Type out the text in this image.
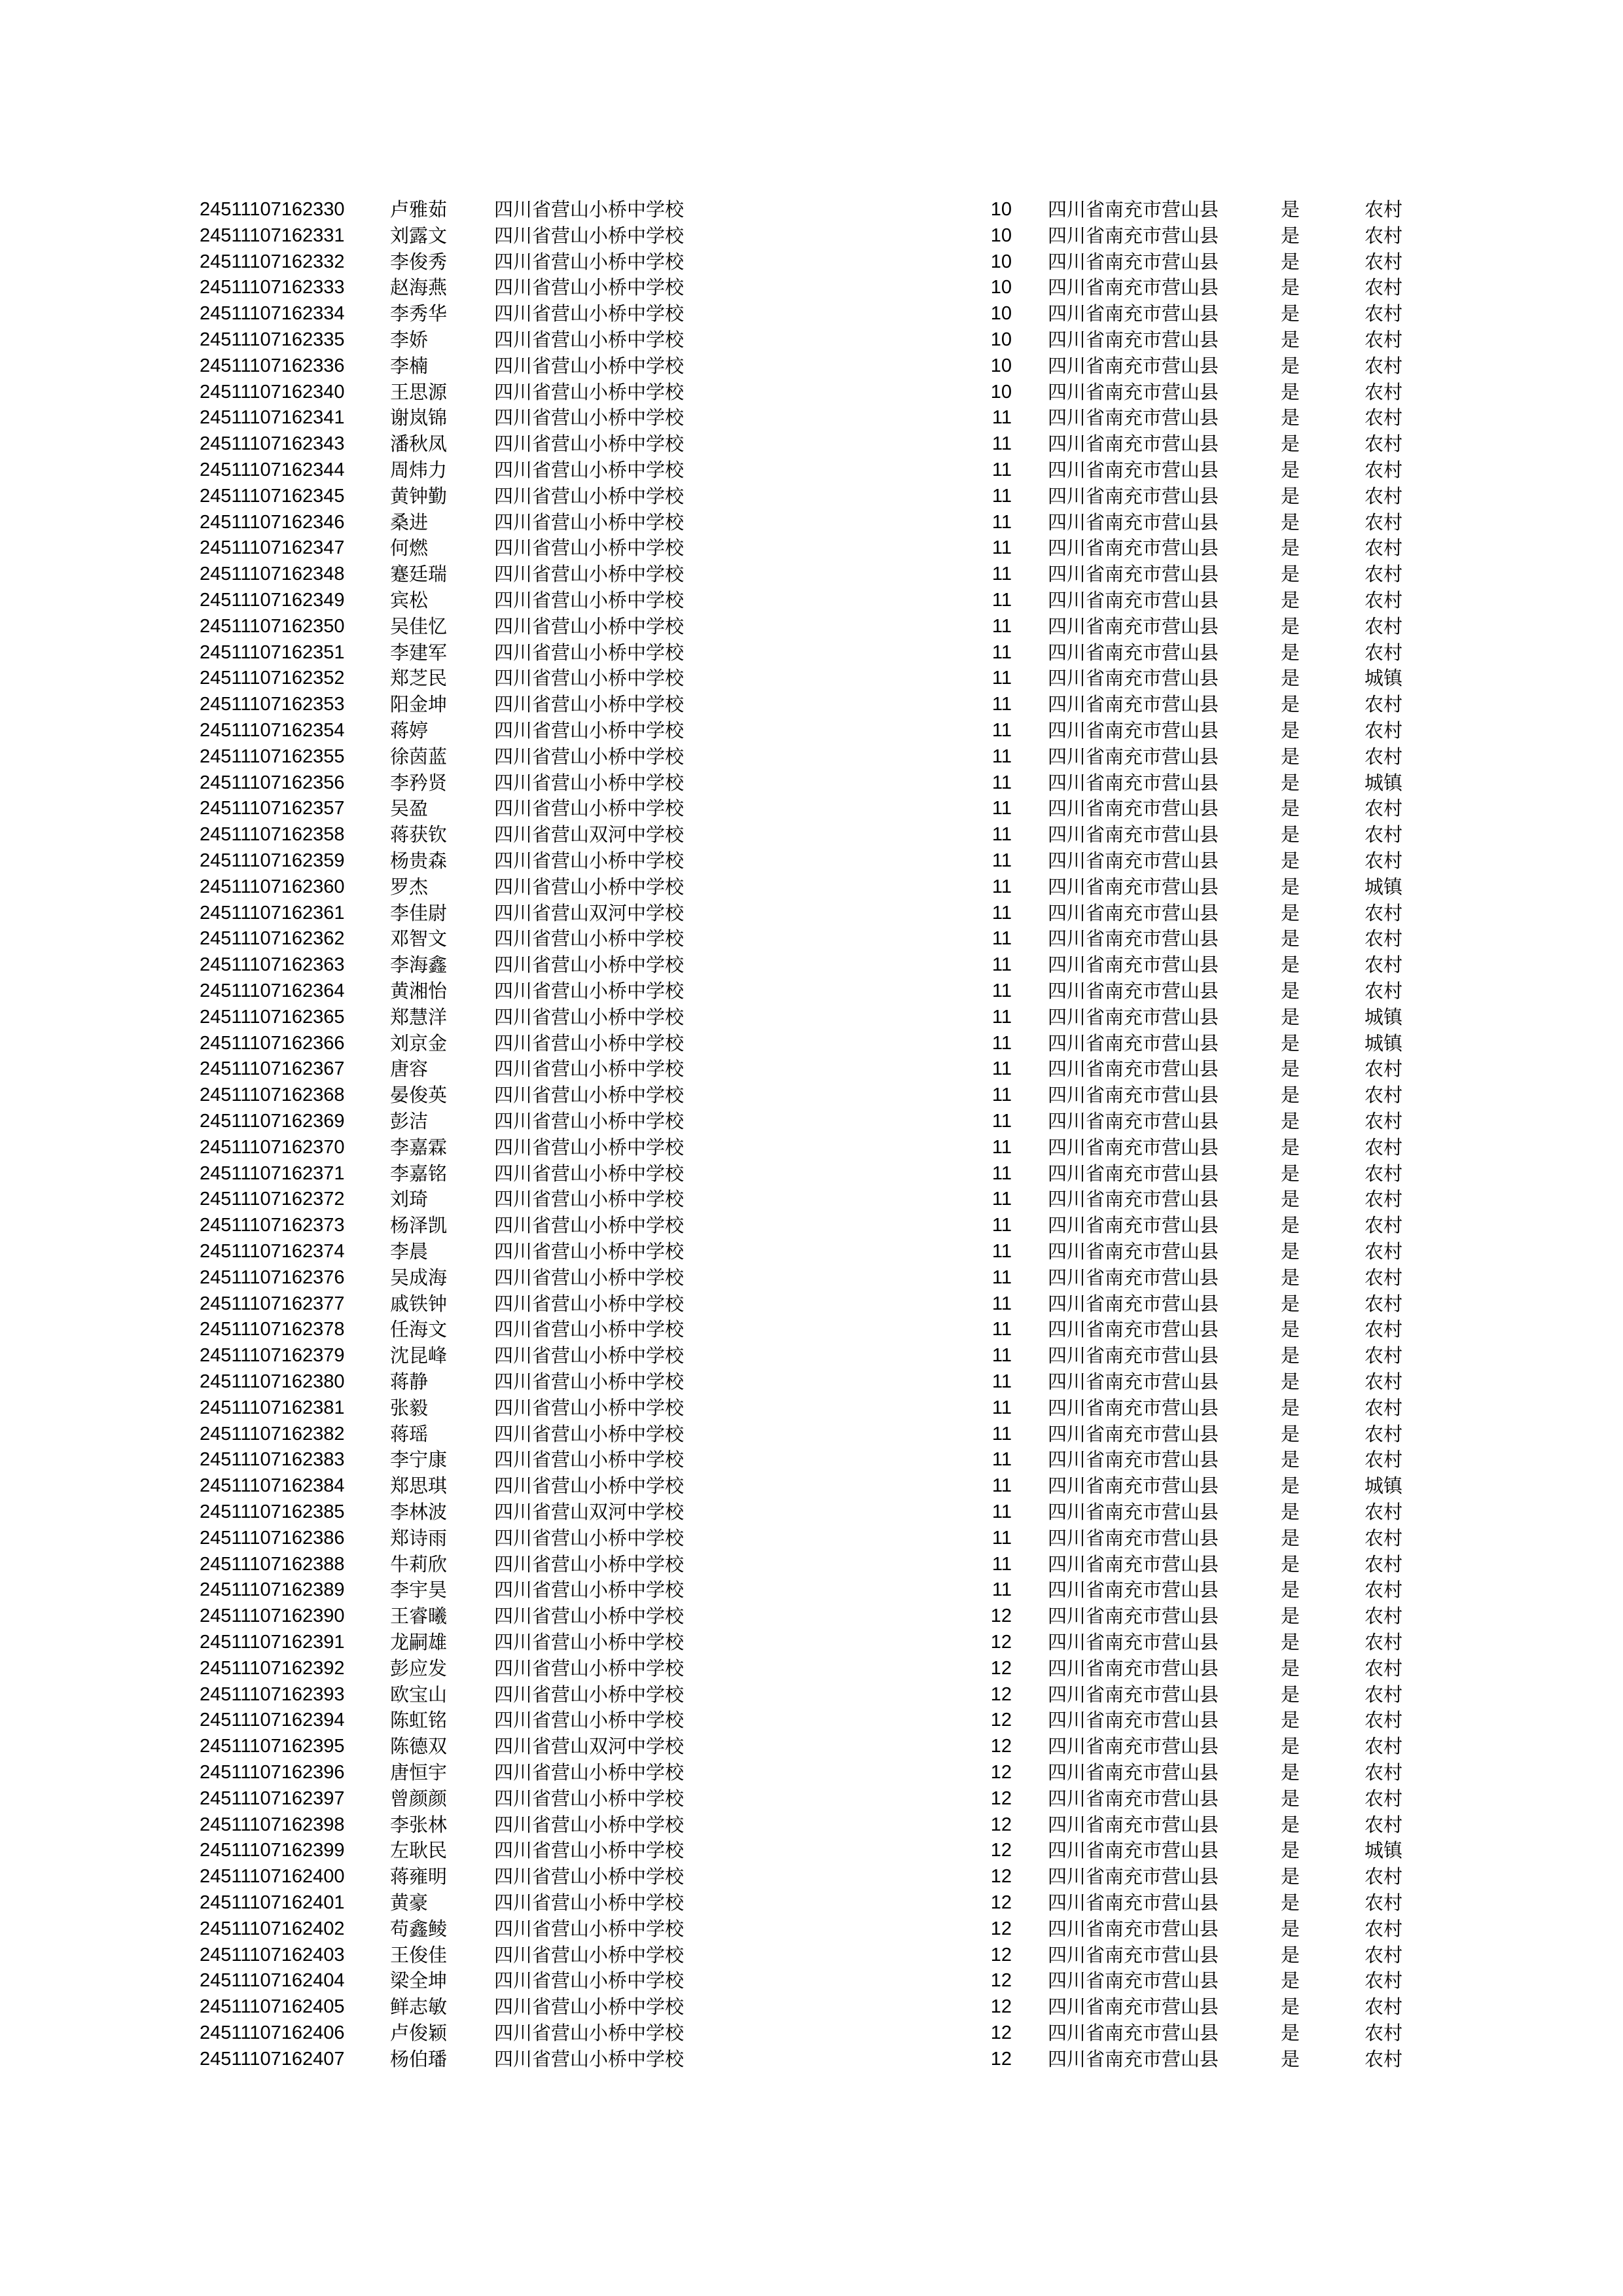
24511107162330 卢雅茹 四川省营山小桥中学校	10 四川省南充市营山县	是	农村
24511107162331 刘露文 四川省营山小桥中学校	10 四川省南充市营山县	是	农村
24511107162332 李俊秀 四川省营山小桥中学校	10 四川省南充市营山县	是	农村
24511107162333 赵海燕 四川省营山小桥中学校	10 四川省南充市营山县	是	农村
24511107162334 李秀华 四川省营山小桥中学校	10 四川省南充市营山县	是	农村
24511107162335 李娇	四川省营山小桥中学校	10 四川省南充市营山县	是	农村
24511107162336 李楠	四川省营山小桥中学校	10 四川省南充市营山县	是	农村
24511107162340 王思源 四川省营山小桥中学校	10 四川省南充市营山县	是	农村
24511107162341 谢岚锦 四川省营山小桥中学校	11 四川省南充市营山县	是	农村
24511107162343 潘秋凤 四川省营山小桥中学校	11 四川省南充市营山县	是	农村
24511107162344 周炜力 四川省营山小桥中学校	11 四川省南充市营山县	是	农村
24511107162345 黄钟勤 四川省营山小桥中学校	11 四川省南充市营山县	是	农村
24511107162346 桑进	四川省营山小桥中学校	11 四川省南充市营山县	是	农村
24511107162347 何燃	四川省营山小桥中学校	11 四川省南充市营山县	是	农村
24511107162348 蹇廷瑞 四川省营山小桥中学校	11 四川省南充市营山县	是	农村
24511107162349 宾松	四川省营山小桥中学校	11 四川省南充市营山县	是	农村
24511107162350 吴佳忆 四川省营山小桥中学校	11 四川省南充市营山县	是	农村
24511107162351 李建军 四川省营山小桥中学校	11 四川省南充市营山县	是	农村
24511107162352 郑芝民 四川省营山小桥中学校	11 四川省南充市营山县	是	城镇
24511107162353 阳金坤 四川省营山小桥中学校	11 四川省南充市营山县	是	农村
24511107162354 蒋婷	四川省营山小桥中学校	11 四川省南充市营山县	是	农村
24511107162355 徐茵蓝 四川省营山小桥中学校	11 四川省南充市营山县	是	农村
24511107162356 李矜贤 四川省营山小桥中学校	11 四川省南充市营山县	是	城镇
24511107162357 吴盈	四川省营山小桥中学校	11 四川省南充市营山县	是	农村
24511107162358 蒋获钦 四川省营山双河中学校	11 四川省南充市营山县	是	农村
24511107162359 杨贵森 四川省营山小桥中学校	11 四川省南充市营山县	是	农村
24511107162360 罗杰	四川省营山小桥中学校	11 四川省南充市营山县	是	城镇
24511107162361 李佳尉 四川省营山双河中学校	11 四川省南充市营山县	是	农村
24511107162362 邓智文 四川省营山小桥中学校	11 四川省南充市营山县	是	农村
24511107162363 李海鑫 四川省营山小桥中学校	11 四川省南充市营山县	是	农村
24511107162364 黄湘怡 四川省营山小桥中学校	11 四川省南充市营山县	是	农村
24511107162365 郑慧洋 四川省营山小桥中学校	11 四川省南充市营山县	是	城镇
24511107162366 刘京金 四川省营山小桥中学校	11 四川省南充市营山县	是	城镇
24511107162367 唐容	四川省营山小桥中学校	11 四川省南充市营山县	是	农村
24511107162368 晏俊英 四川省营山小桥中学校	11 四川省南充市营山县	是	农村
24511107162369 彭洁	四川省营山小桥中学校	11 四川省南充市营山县	是	农村
24511107162370 李嘉霖 四川省营山小桥中学校	11 四川省南充市营山县	是	农村
24511107162371 李嘉铭 四川省营山小桥中学校	11 四川省南充市营山县	是	农村
24511107162372 刘琦	四川省营山小桥中学校	11 四川省南充市营山县	是	农村
24511107162373 杨泽凯 四川省营山小桥中学校	11 四川省南充市营山县	是	农村
24511107162374 李晨	四川省营山小桥中学校	11 四川省南充市营山县	是	农村
24511107162376 吴成海 四川省营山小桥中学校	11 四川省南充市营山县	是	农村
24511107162377 戚铁钟 四川省营山小桥中学校	11 四川省南充市营山县	是	农村
24511107162378 任海文 四川省营山小桥中学校	11 四川省南充市营山县	是	农村
24511107162379 沈昆峰 四川省营山小桥中学校	11 四川省南充市营山县	是	农村
24511107162380 蒋静	四川省营山小桥中学校	11 四川省南充市营山县	是	农村
24511107162381 张毅	四川省营山小桥中学校	11 四川省南充市营山县	是	农村
24511107162382 蒋瑶	四川省营山小桥中学校	11 四川省南充市营山县	是	农村
24511107162383 李宁康 四川省营山小桥中学校	11 四川省南充市营山县	是	农村
24511107162384 郑思琪 四川省营山小桥中学校	11 四川省南充市营山县	是	城镇
24511107162385 李林波 四川省营山双河中学校	11 四川省南充市营山县	是	农村
24511107162386 郑诗雨 四川省营山小桥中学校	11 四川省南充市营山县	是	农村
24511107162388 牛莉欣 四川省营山小桥中学校	11 四川省南充市营山县	是	农村
24511107162389 李宇昊 四川省营山小桥中学校	11 四川省南充市营山县	是	农村
24511107162390 王睿曦 四川省营山小桥中学校	12 四川省南充市营山县	是	农村
24511107162391 龙嗣雄 四川省营山小桥中学校	12 四川省南充市营山县	是	农村
24511107162392 彭应发 四川省营山小桥中学校	12 四川省南充市营山县	是	农村
24511107162393 欧宝山 四川省营山小桥中学校	12 四川省南充市营山县	是	农村
24511107162394 陈虹铭 四川省营山小桥中学校	12 四川省南充市营山县	是	农村
24511107162395 陈德双 四川省营山双河中学校	12 四川省南充市营山县	是	农村
24511107162396 唐恒宇 四川省营山小桥中学校	12 四川省南充市营山县	是	农村
24511107162397 曾颜颜 四川省营山小桥中学校	12 四川省南充市营山县	是	农村
24511107162398 李张林 四川省营山小桥中学校	12 四川省南充市营山县	是	农村
24511107162399 左耿民 四川省营山小桥中学校	12 四川省南充市营山县	是	城镇
24511107162400 蒋雍明 四川省营山小桥中学校	12 四川省南充市营山县	是	农村
24511107162401 黄豪	四川省营山小桥中学校	12 四川省南充市营山县	是	农村
24511107162402 苟鑫鲮 四川省营山小桥中学校	12 四川省南充市营山县	是	农村
24511107162403 王俊佳 四川省营山小桥中学校	12 四川省南充市营山县	是	农村
24511107162404 梁全坤 四川省营山小桥中学校	12 四川省南充市营山县	是	农村
24511107162405 鲜志敏 四川省营山小桥中学校	12 四川省南充市营山县	是	农村
24511107162406 卢俊颖 四川省营山小桥中学校	12 四川省南充市营山县	是	农村
24511107162407 杨伯璠 四川省营山小桥中学校	12 四川省南充市营山县	是	农村
